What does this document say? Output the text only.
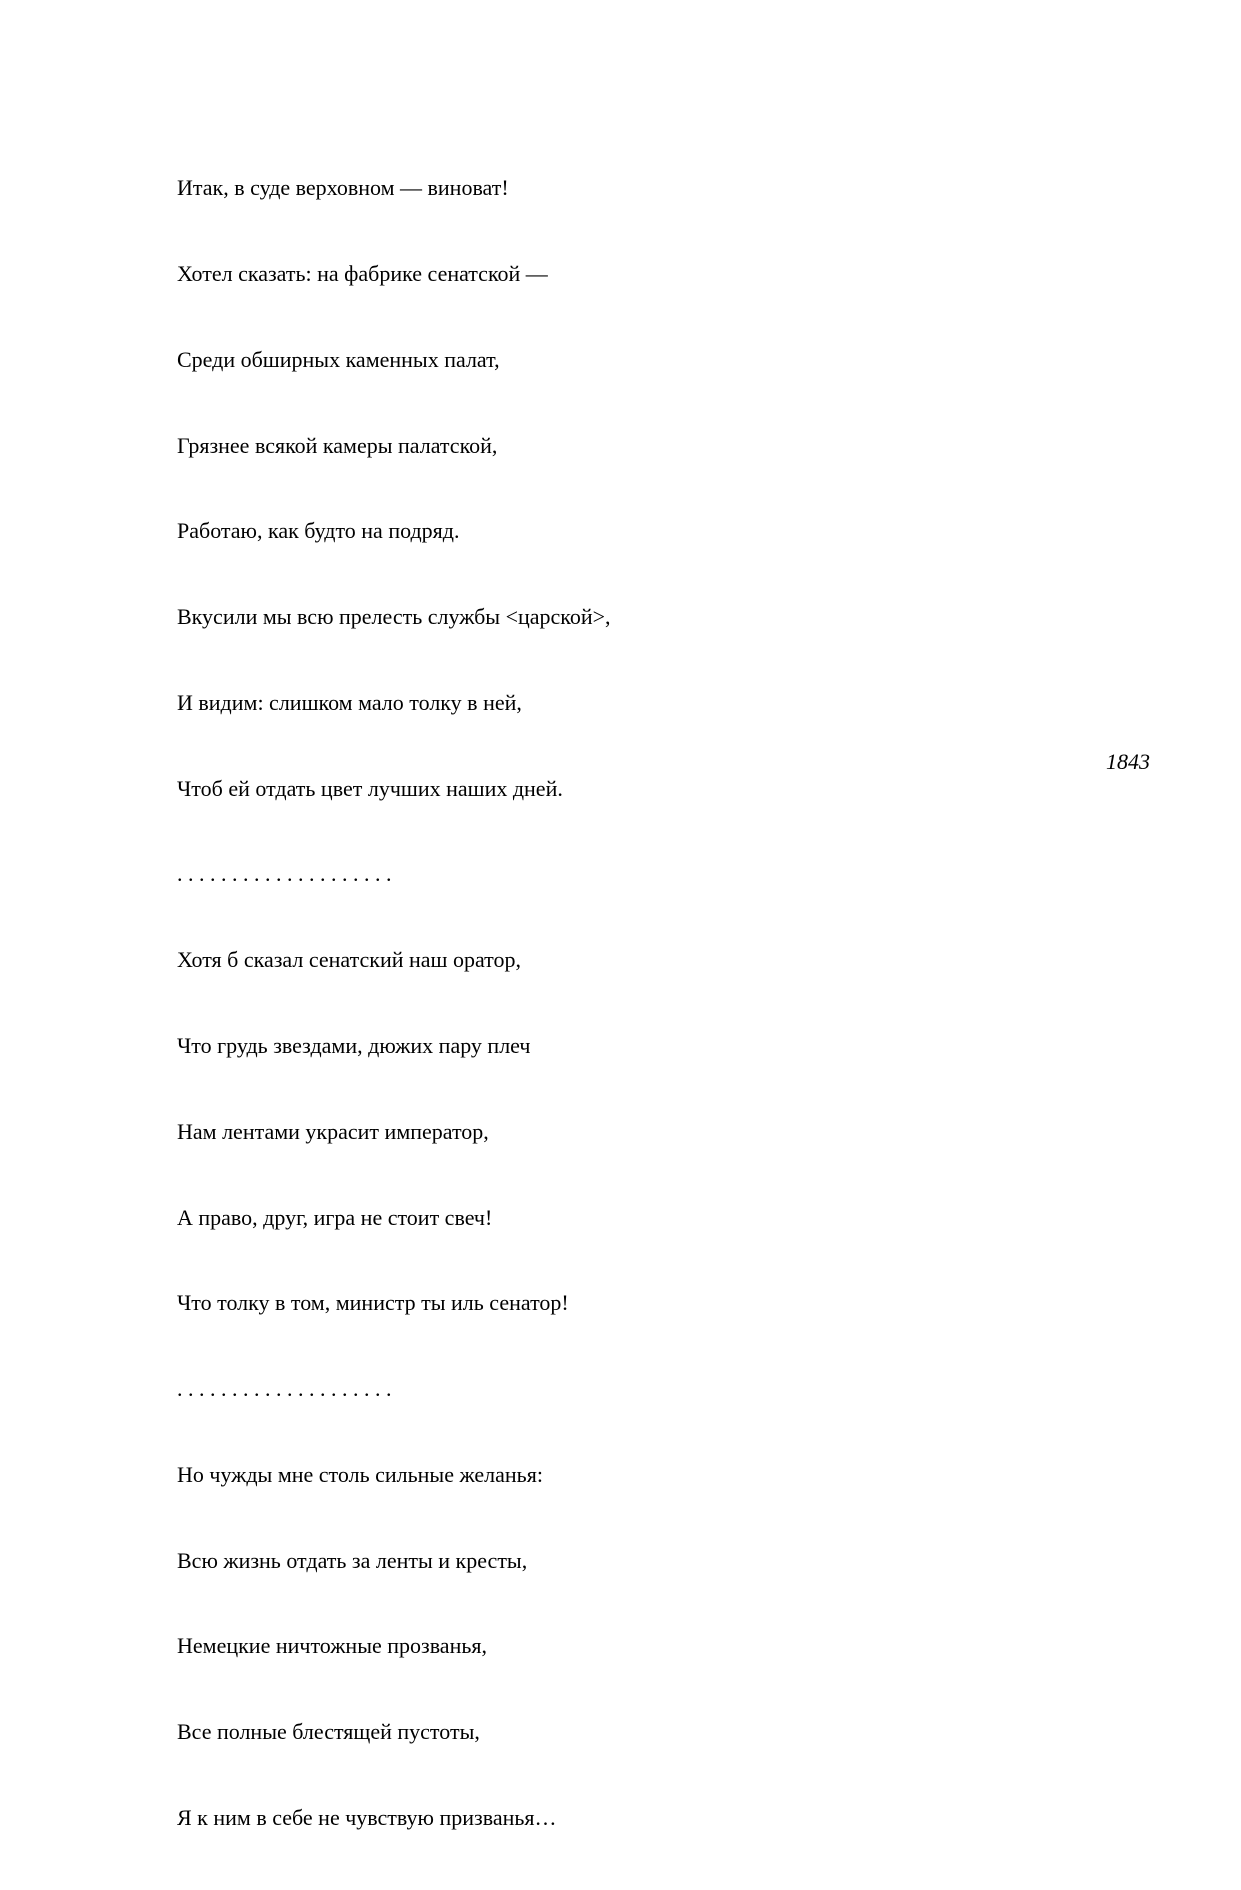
Итак, в суде верховном — виноват!

Хотел сказать: на фабрике сенатской —

Среди обширных каменных палат,

Грязнее всякой камеры палатской,

Работаю, как будто на подряд.

Вкусили мы всю прелесть службы <царской>,

И видим: слишком мало толку в ней,

Чтоб ей отдать цвет лучших наших дней.

. . . . . . . . . . . . . . . . . . . .

Хотя б сказал сенатский наш оратор,

Что грудь звездами, дюжих пару плеч

Нам лентами украсит император,

А право, друг, игра не стоит свеч!

Что толку в том, министр ты иль сенатор!

. . . . . . . . . . . . . . . . . . . .

Но чужды мне столь сильные желанья:

Всю жизнь отдать за ленты и кресты,

Немецкие ничтожные прозванья,

Все полные блестящей пустоты,

Я к ним в себе не чувствую призванья…

1843
